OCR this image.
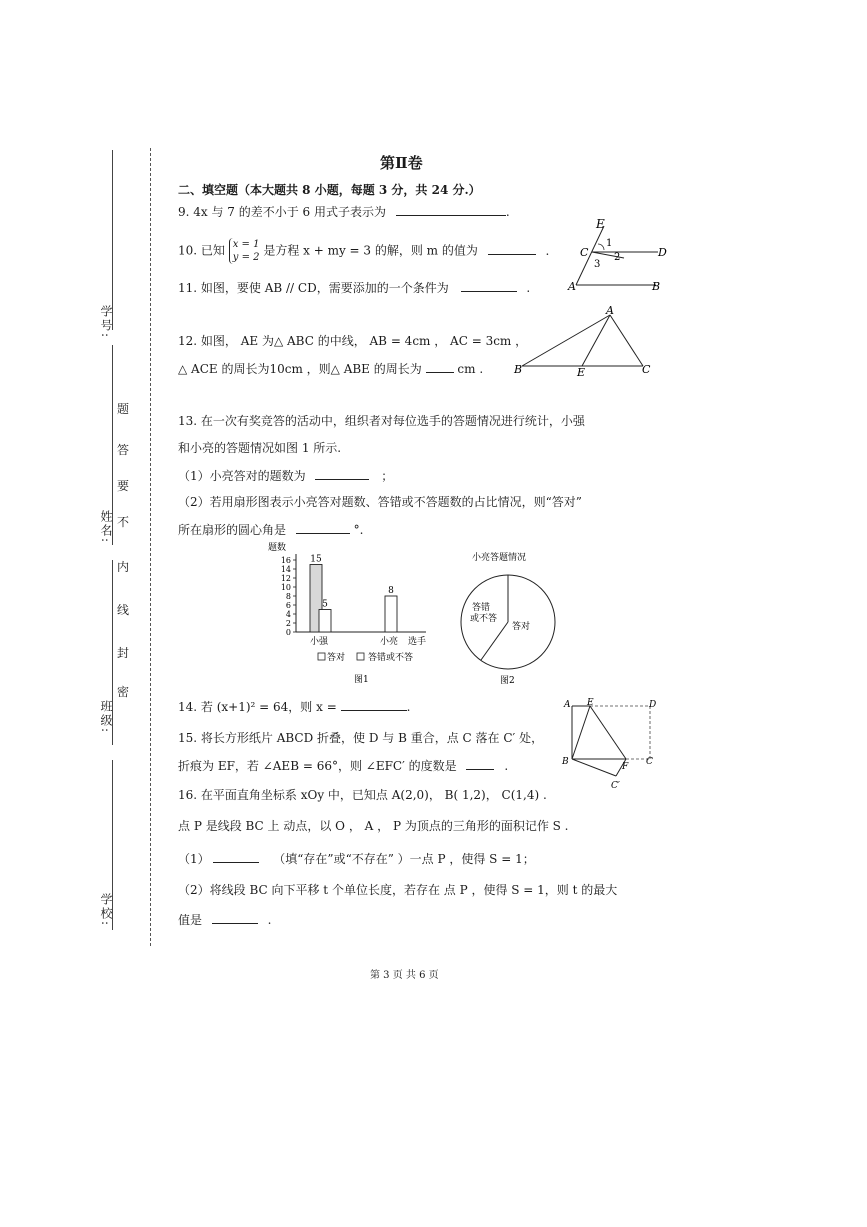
学号:
姓名:
班级:
学校:
题
答
要
不
内
线
封
密
第Ⅱ卷
二、填空题（本大题共 8 小题，每题 3 分，共 24 分.）
9. 4x 与 7 的差不小于 6 用式子表示为	.
10. 已知 x = 1
y = 2 是方程 x + my = 3 的解，则 m 的值为	.
11. 如图，要使 AB // CD，需要添加的一个条件为	.
E
C	D
A	B
1
2
3
12. 如图， AE 为△ ABC 的中线， AB = 4cm ， AC = 3cm ，
△ ACE 的周长为10cm ，则△ ABE 的周长为	cm .
A
B	E	C
13. 在一次有奖竞答的活动中，组织者对每位选手的答题情况进行统计，小强
和小亮的答题情况如图 1 所示.
（1）小亮答对的题数为	；
（2）若用扇形图表示小亮答对题数、答错或不答题数的占比情况，则“答对”
所在扇形的圆心角是	°.
0
2
4
6
8
10
12
14
16 15
5
8
题数
选手
小强	小亮
答对	答错或不答
图1
小亮答题情况
答错
或不答
答对
图2
14. 若 (x+1)² = 64，则 x =	.
15. 将长方形纸片 ABCD 折叠，使 D 与 B 重合，点 C 落在 C′ 处，
折痕为 EF，若 ∠AEB = 66°，则 ∠EFC′ 的度数是	.
A E	D
B	F C
C′
16. 在平面直角坐标系 xOy 中，已知点 A(2,0)， B( 1,2)， C(1,4) .
点 P 是线段 BC 上 动点，以 O ， A ， P 为顶点的三角形的面积记作 S .
（1）	（填“存在”或“不存在” ）一点 P ，使得 S = 1；
（2）将线段 BC 向下平移 t 个单位长度，若存在 点 P ，使得 S = 1，则 t 的最大
值是	.
第 3 页 共 6 页
